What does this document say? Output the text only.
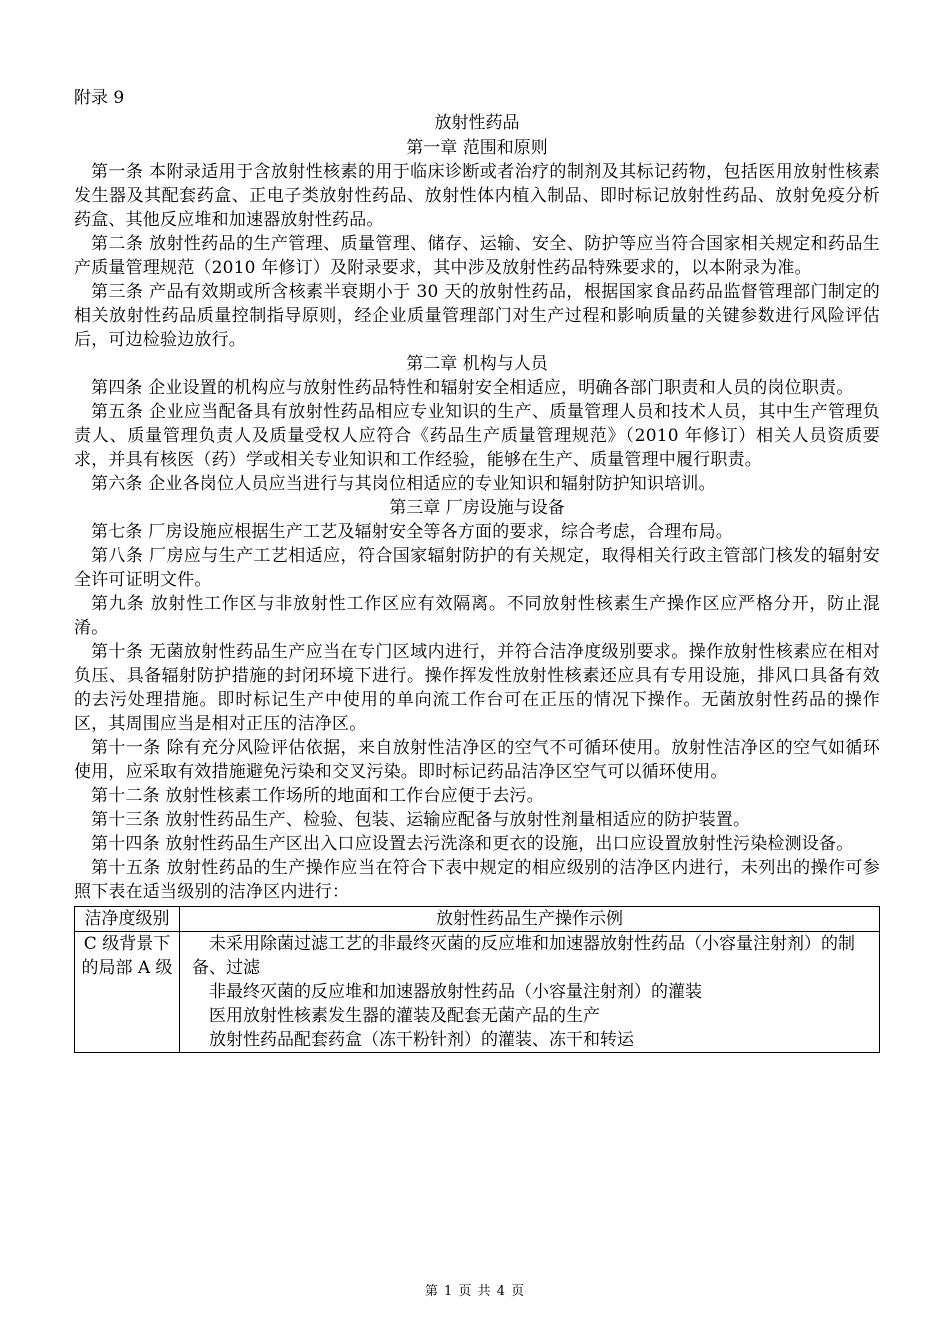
附录 9

放射性药品

第一章 范围和原则

第一条 本附录适用于含放射性核素的用于临床诊断或者治疗的制剂及其标记药物，包括医用放射性核素发生器及其配套药盒、正电子类放射性药品、放射性体内植入制品、即时标记放射性药品、放射免疫分析药盒、其他反应堆和加速器放射性药品。

第二条 放射性药品的生产管理、质量管理、储存、运输、安全、防护等应当符合国家相关规定和药品生产质量管理规范（2010 年修订）及附录要求，其中涉及放射性药品特殊要求的，以本附录为准。

第三条 产品有效期或所含核素半衰期小于 30 天的放射性药品，根据国家食品药品监督管理部门制定的相关放射性药品质量控制指导原则，经企业质量管理部门对生产过程和影响质量的关键参数进行风险评估后，可边检验边放行。

第二章 机构与人员

第四条 企业设置的机构应与放射性药品特性和辐射安全相适应，明确各部门职责和人员的岗位职责。

第五条 企业应当配备具有放射性药品相应专业知识的生产、质量管理人员和技术人员，其中生产管理负责人、质量管理负责人及质量受权人应符合《药品生产质量管理规范》（2010 年修订）相关人员资质要求，并具有核医（药）学或相关专业知识和工作经验，能够在生产、质量管理中履行职责。

第六条 企业各岗位人员应当进行与其岗位相适应的专业知识和辐射防护知识培训。

第三章 厂房设施与设备

第七条 厂房设施应根据生产工艺及辐射安全等各方面的要求，综合考虑，合理布局。

第八条 厂房应与生产工艺相适应，符合国家辐射防护的有关规定，取得相关行政主管部门核发的辐射安全许可证明文件。

第九条 放射性工作区与非放射性工作区应有效隔离。不同放射性核素生产操作区应严格分开，防止混淆。

第十条 无菌放射性药品生产应当在专门区域内进行，并符合洁净度级别要求。操作放射性核素应在相对负压、具备辐射防护措施的封闭环境下进行。操作挥发性放射性核素还应具有专用设施，排风口具备有效的去污处理措施。即时标记生产中使用的单向流工作台可在正压的情况下操作。无菌放射性药品的操作区，其周围应当是相对正压的洁净区。

第十一条 除有充分风险评估依据，来自放射性洁净区的空气不可循环使用。放射性洁净区的空气如循环使用，应采取有效措施避免污染和交叉污染。即时标记药品洁净区空气可以循环使用。

第十二条 放射性核素工作场所的地面和工作台应便于去污。

第十三条 放射性药品生产、检验、包装、运输应配备与放射性剂量相适应的防护装置。

第十四条 放射性药品生产区出入口应设置去污洗涤和更衣的设施，出口应设置放射性污染检测设备。

第十五条 放射性药品的生产操作应当在符合下表中规定的相应级别的洁净区内进行，未列出的操作可参照下表在适当级别的洁净区内进行：

洁净度级别	放射性药品生产操作示例
C 级背景下的局部 A 级	未采用除菌过滤工艺的非最终灭菌的反应堆和加速器放射性药品（小容量注射剂）的制备、过滤

非最终灭菌的反应堆和加速器放射性药品（小容量注射剂）的灌装

医用放射性核素发生器的灌装及配套无菌产品的生产

放射性药品配套药盒（冻干粉针剂）的灌装、冻干和转运

第 1 页 共 4 页
